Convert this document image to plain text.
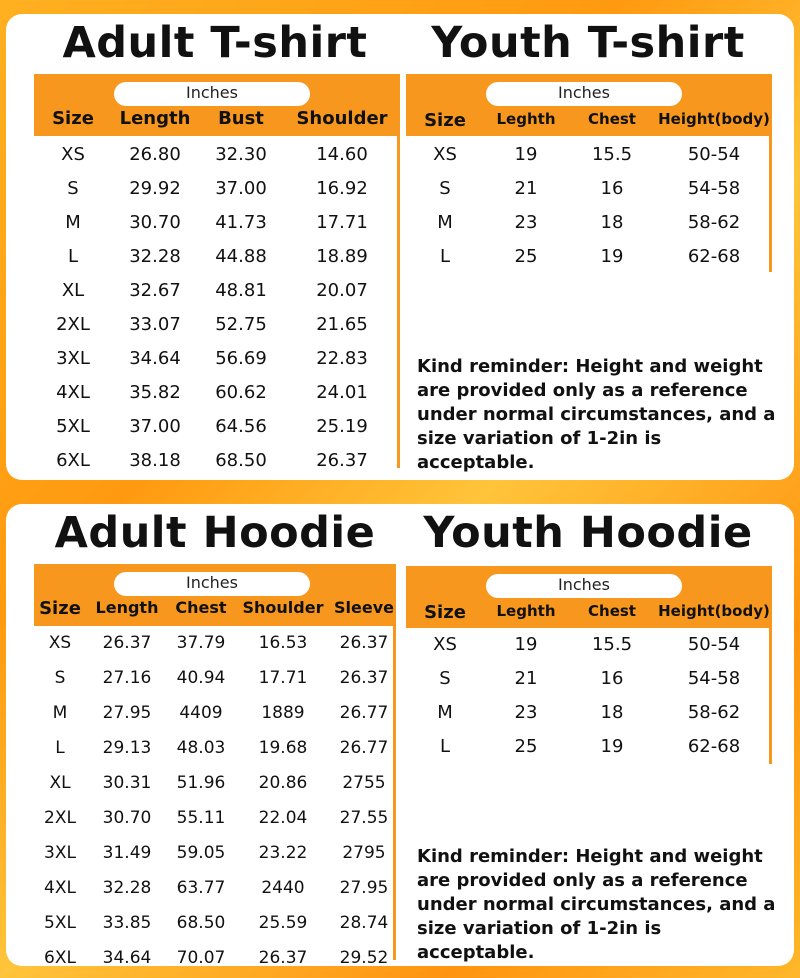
Adult T-shirt	Youth T-shirt
Inches
Size	Length	Bust	Shoulder
XS	26.80	32.30	14.60
S	29.92	37.00	16.92
M	30.70	41.73	17.71
L	32.28	44.88	18.89
XL	32.67	48.81	20.07
2XL	33.07	52.75	21.65
3XL	34.64	56.69	22.83
4XL	35.82	60.62	24.01
5XL	37.00	64.56	25.19
6XL	38.18	68.50	26.37
Inches
Size	Leghth	Chest	Height(body)
XS	19	15.5	50-54
S	21	16	54-58
M	23	18	58-62
L	25	19	62-68
Kind reminder: Height and weight are provided only as a reference under normal circumstances, and a size variation of 1-2in is acceptable.
Adult Hoodie	Youth Hoodie
Inches
Size Length	Chest Shoulder Sleeve
XS	26.37	37.79	16.53	26.37
S	27.16	40.94	17.71	26.37
M	27.95	4409	1889	26.77
L	29.13	48.03	19.68	26.77
XL	30.31	51.96	20.86	2755
2XL	30.70	55.11	22.04	27.55
3XL	31.49	59.05	23.22	2795
4XL	32.28	63.77	2440	27.95
5XL	33.85	68.50	25.59	28.74
6XL	34.64	70.07	26.37	29.52
Inches
Size	Leghth	Chest	Height(body)
XS	19	15.5	50-54
S	21	16	54-58
M	23	18	58-62
L	25	19	62-68
Kind reminder: Height and weight are provided only as a reference under normal circumstances, and a size variation of 1-2in is acceptable.
